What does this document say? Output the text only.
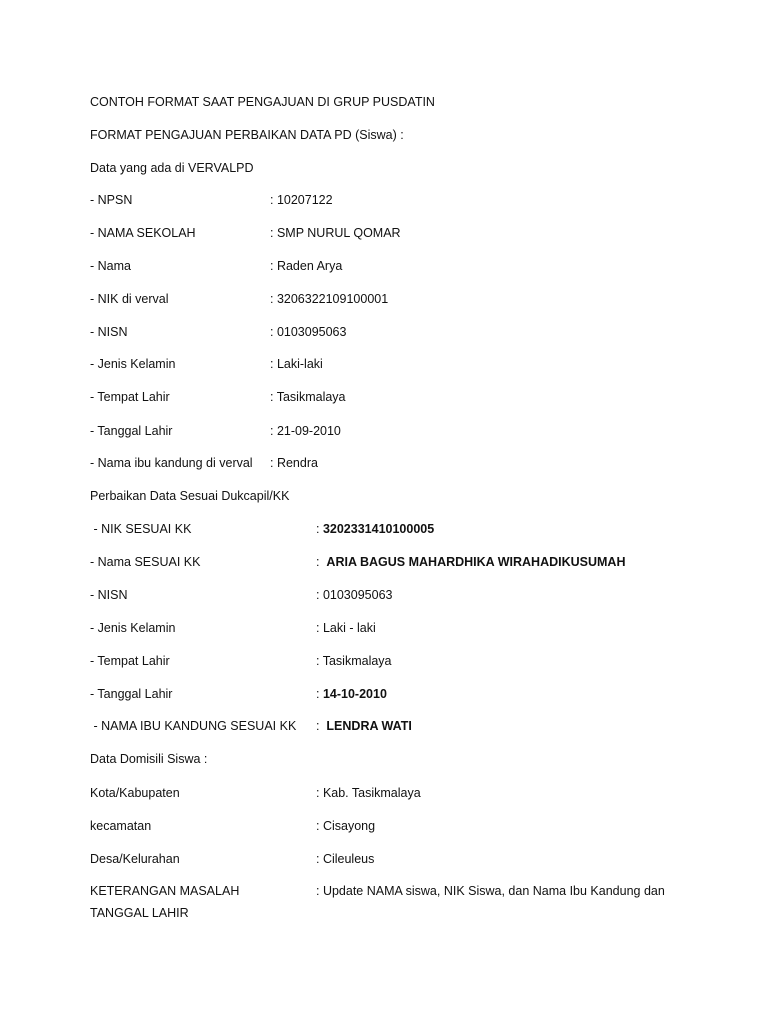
CONTOH FORMAT SAAT PENGAJUAN DI GRUP PUSDATIN
FORMAT PENGAJUAN PERBAIKAN DATA PD (Siswa) :
Data yang ada di VERVALPD
- NPSN	: 10207122
- NAMA SEKOLAH	: SMP NURUL QOMAR
- Nama	: Raden Arya
- NIK di verval	: 3206322109100001
- NISN	: 0103095063
- Jenis Kelamin	: Laki-laki
- Tempat Lahir	: Tasikmalaya
- Tanggal Lahir	: 21-09-2010
- Nama ibu kandung di verval : Rendra
Perbaikan Data Sesuai Dukcapil/KK
- NIK SESUAI KK	: 3202331410100005
- Nama SESUAI KK	:  ARIA BAGUS MAHARDHIKA WIRAHADIKUSUMAH
- NISN	: 0103095063
- Jenis Kelamin	: Laki - laki
- Tempat Lahir	: Tasikmalaya
- Tanggal Lahir	: 14-10-2010
- NAMA IBU KANDUNG SESUAI KK :  LENDRA WATI
Data Domisili Siswa :
Kota/Kabupaten	: Kab. Tasikmalaya
kecamatan	: Cisayong
Desa/Kelurahan	: Cileuleus
KETERANGAN MASALAH TANGGAL LAHIR
: Update NAMA siswa, NIK Siswa, dan Nama Ibu Kandung dan
